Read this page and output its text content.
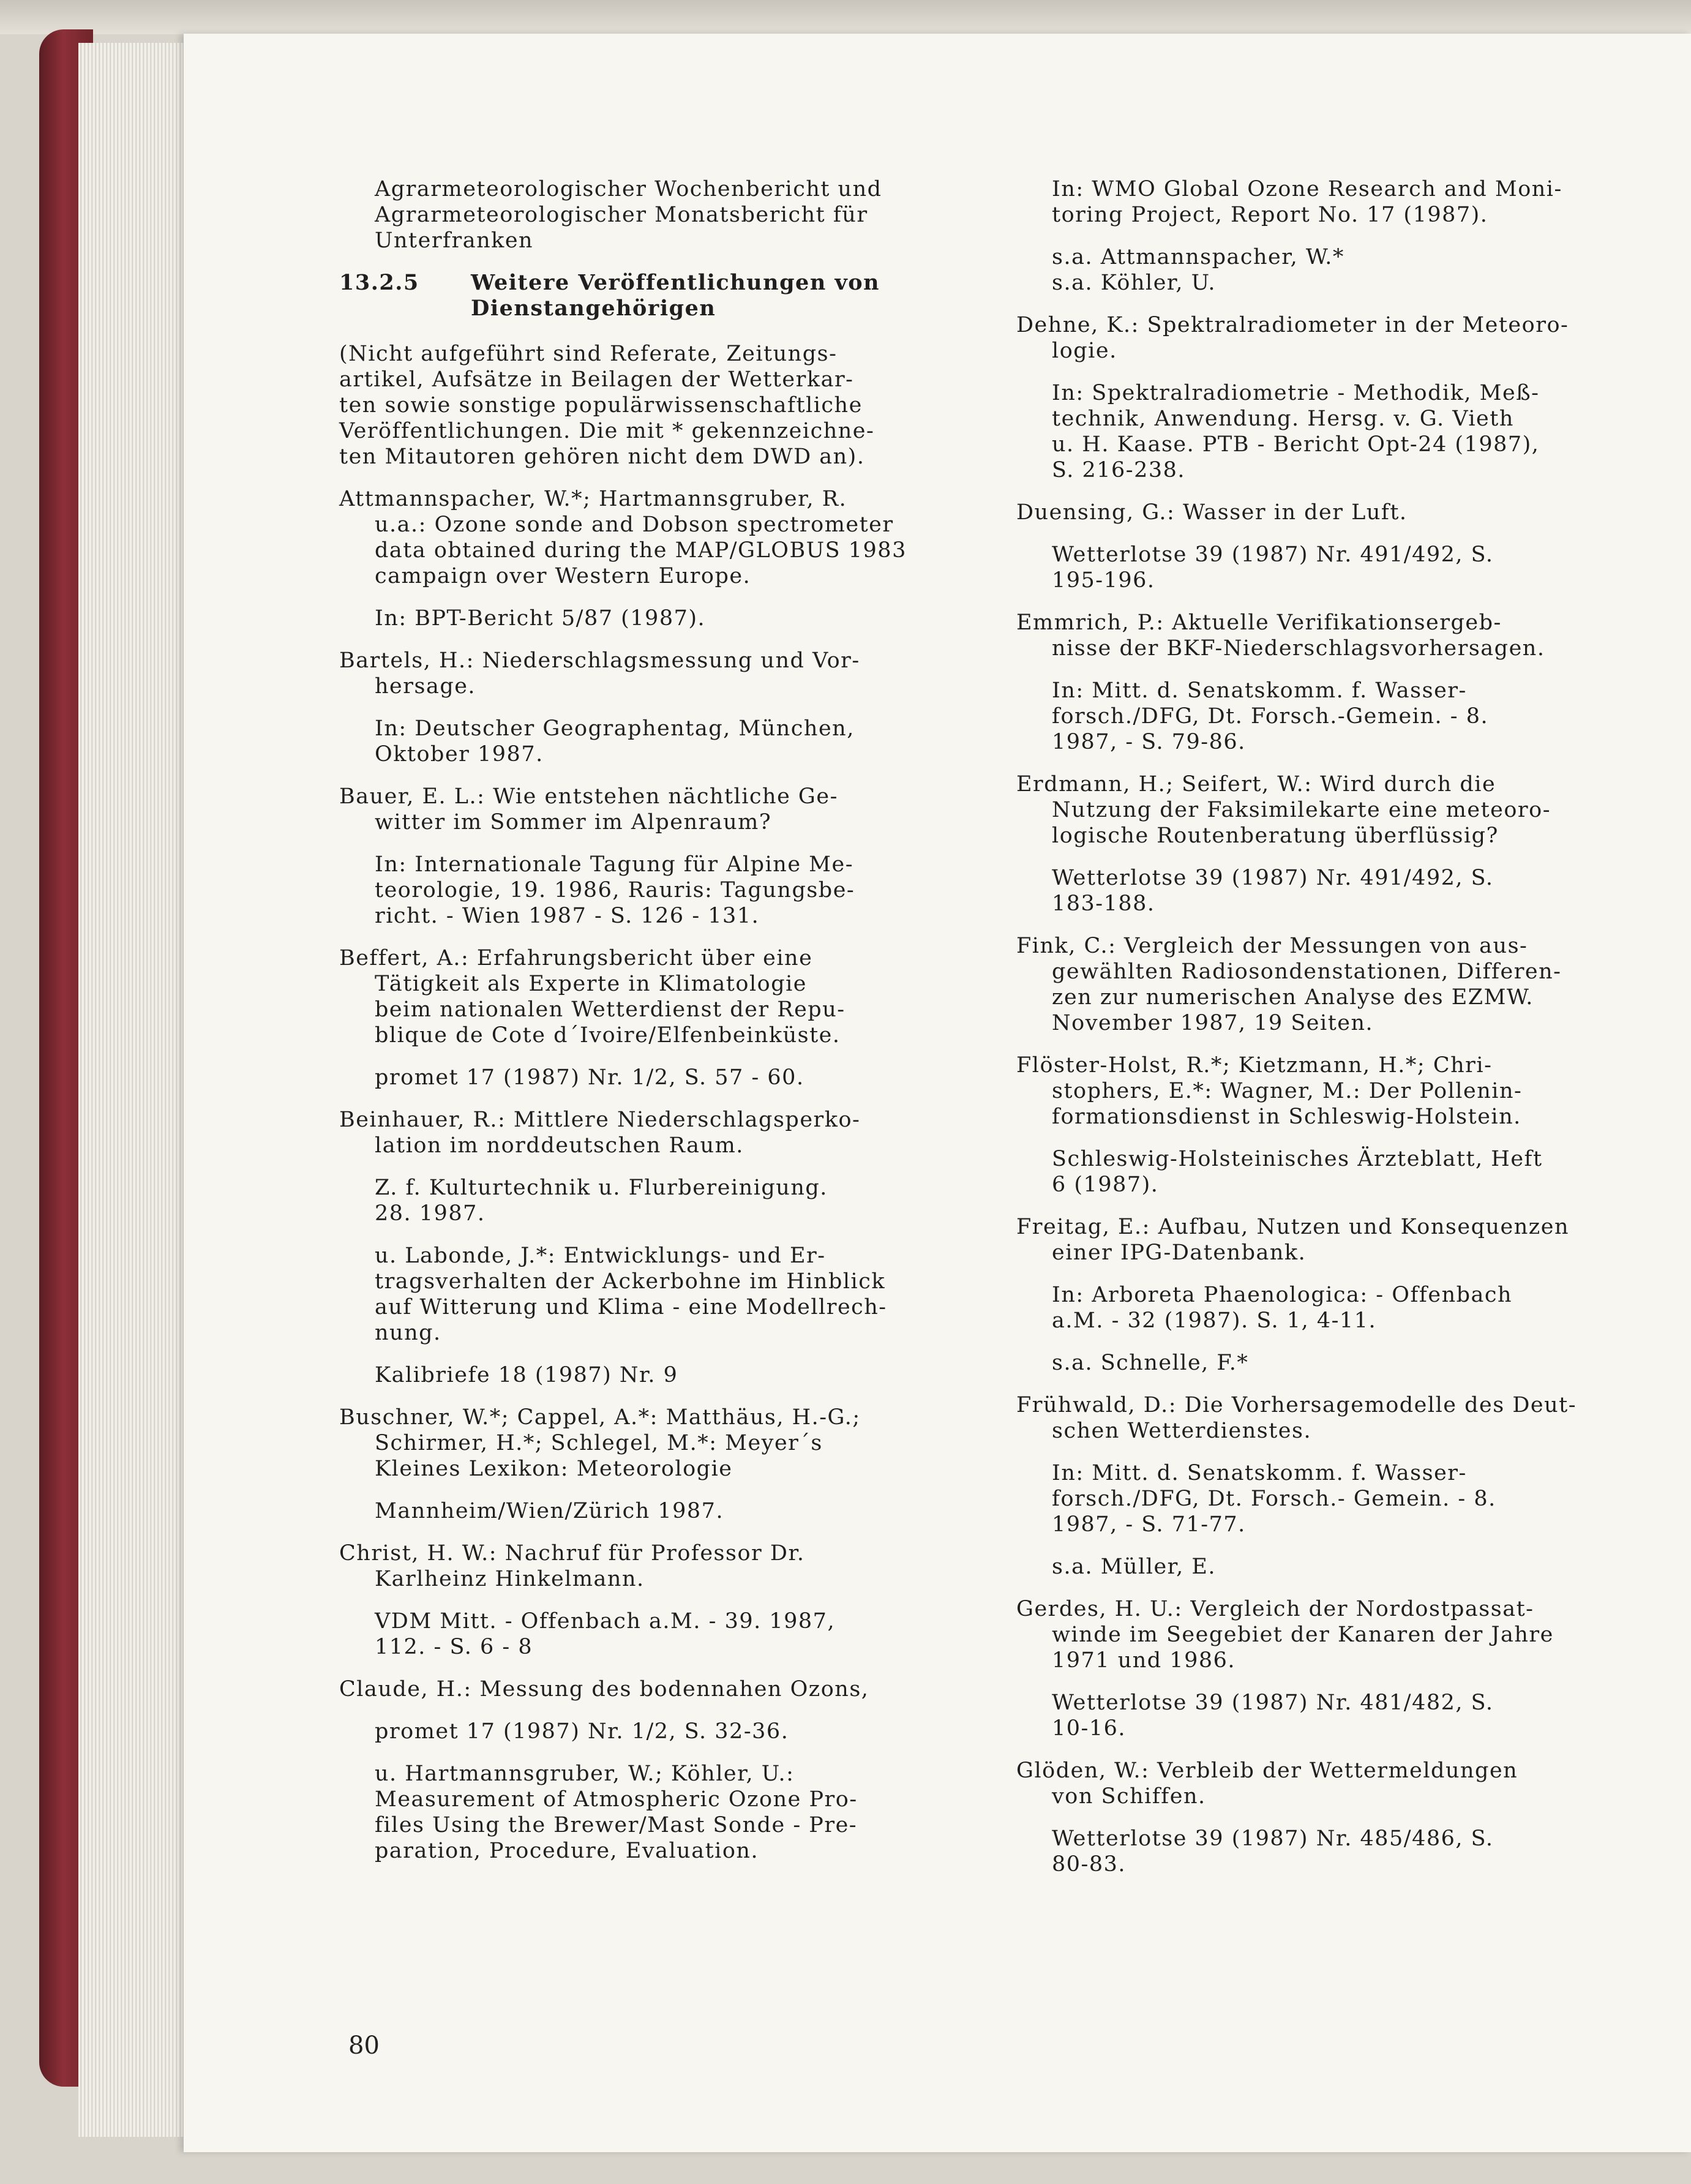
Agrarmeteorologischer Wochenbericht und
Agrarmeteorologischer Monatsbericht für
Unterfranken
13.2.5 Weitere Veröffentlichungen von
Dienstangehörigen
(Nicht aufgeführt sind Referate, Zeitungs-
artikel, Aufsätze in Beilagen der Wetterkar-
ten sowie sonstige populärwissenschaftliche
Veröffentlichungen. Die mit * gekennzeichne-
ten Mitautoren gehören nicht dem DWD an).
Attmannspacher, W.*; Hartmannsgruber, R.
u.a.: Ozone sonde and Dobson spectrometer
data obtained during the MAP/GLOBUS 1983
campaign over Western Europe.
In: BPT-Bericht 5/87 (1987).
Bartels, H.: Niederschlagsmessung und Vor-
hersage.
In: Deutscher Geographentag, München,
Oktober 1987.
Bauer, E. L.: Wie entstehen nächtliche Ge-
witter im Sommer im Alpenraum?
In: Internationale Tagung für Alpine Me-
teorologie, 19. 1986, Rauris: Tagungsbe-
richt. - Wien 1987 - S. 126 - 131.
Beffert, A.: Erfahrungsbericht über eine
Tätigkeit als Experte in Klimatologie
beim nationalen Wetterdienst der Repu-
blique de Cote d´Ivoire/Elfenbeinküste.
promet 17 (1987) Nr. 1/2, S. 57 - 60.
Beinhauer, R.: Mittlere Niederschlagsperko-
lation im norddeutschen Raum.
Z. f. Kulturtechnik u. Flurbereinigung.
28. 1987.
u. Labonde, J.*: Entwicklungs- und Er-
tragsverhalten der Ackerbohne im Hinblick
auf Witterung und Klima - eine Modellrech-
nung.
Kalibriefe 18 (1987) Nr. 9
Buschner, W.*; Cappel, A.*: Matthäus, H.-G.;
Schirmer, H.*; Schlegel, M.*: Meyer´s
Kleines Lexikon: Meteorologie
Mannheim/Wien/Zürich 1987.
Christ, H. W.: Nachruf für Professor Dr.
Karlheinz Hinkelmann.
VDM Mitt. - Offenbach a.M. - 39. 1987,
112. - S. 6 - 8
Claude, H.: Messung des bodennahen Ozons,
promet 17 (1987) Nr. 1/2, S. 32-36.
u. Hartmannsgruber, W.; Köhler, U.:
Measurement of Atmospheric Ozone Pro-
files Using the Brewer/Mast Sonde - Pre-
paration, Procedure, Evaluation.
In: WMO Global Ozone Research and Moni-
toring Project, Report No. 17 (1987).
s.a. Attmannspacher, W.*
s.a. Köhler, U.
Dehne, K.: Spektralradiometer in der Meteoro-
logie.
In: Spektralradiometrie - Methodik, Meß-
technik, Anwendung. Hersg. v. G. Vieth
u. H. Kaase. PTB - Bericht Opt-24 (1987),
S. 216-238.
Duensing, G.: Wasser in der Luft.
Wetterlotse 39 (1987) Nr. 491/492, S.
195-196.
Emmrich, P.: Aktuelle Verifikationsergeb-
nisse der BKF-Niederschlagsvorhersagen.
In: Mitt. d. Senatskomm. f. Wasser-
forsch./DFG, Dt. Forsch.-Gemein. - 8.
1987, - S. 79-86.
Erdmann, H.; Seifert, W.: Wird durch die
Nutzung der Faksimilekarte eine meteoro-
logische Routenberatung überflüssig?
Wetterlotse 39 (1987) Nr. 491/492, S.
183-188.
Fink, C.: Vergleich der Messungen von aus-
gewählten Radiosondenstationen, Differen-
zen zur numerischen Analyse des EZMW.
November 1987, 19 Seiten.
Flöster-Holst, R.*; Kietzmann, H.*; Chri-
stophers, E.*: Wagner, M.: Der Pollenin-
formationsdienst in Schleswig-Holstein.
Schleswig-Holsteinisches Ärzteblatt, Heft
6 (1987).
Freitag, E.: Aufbau, Nutzen und Konsequenzen
einer IPG-Datenbank.
In: Arboreta Phaenologica: - Offenbach
a.M. - 32 (1987). S. 1, 4-11.
s.a. Schnelle, F.*
Frühwald, D.: Die Vorhersagemodelle des Deut-
schen Wetterdienstes.
In: Mitt. d. Senatskomm. f. Wasser-
forsch./DFG, Dt. Forsch.- Gemein. - 8.
1987, - S. 71-77.
s.a. Müller, E.
Gerdes, H. U.: Vergleich der Nordostpassat-
winde im Seegebiet der Kanaren der Jahre
1971 und 1986.
Wetterlotse 39 (1987) Nr. 481/482, S.
10-16.
Glöden, W.: Verbleib der Wettermeldungen
von Schiffen.
Wetterlotse 39 (1987) Nr. 485/486, S.
80-83.
80
